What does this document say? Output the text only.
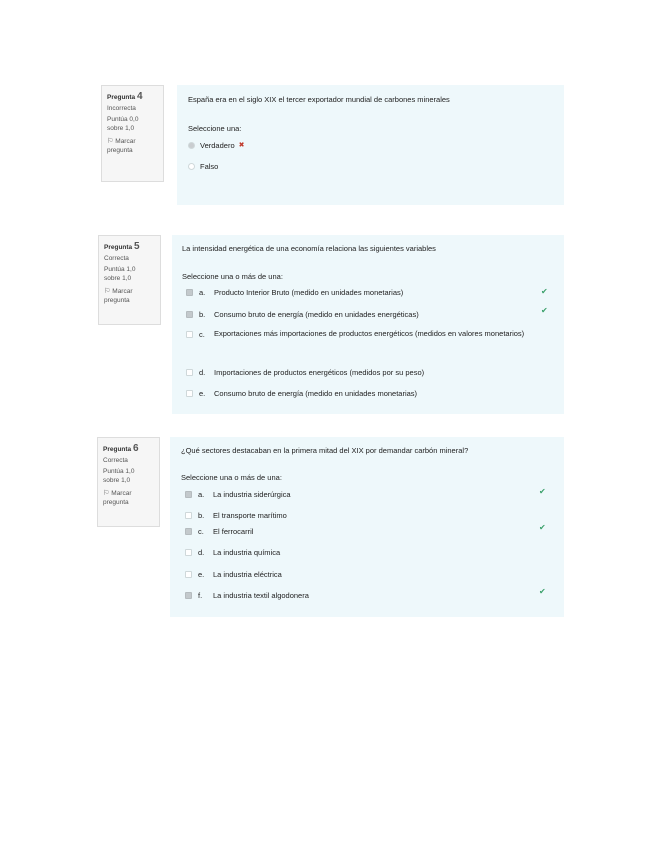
Pregunta 4
Incorrecta
Puntúa 0,0
sobre 1,0
⚐ Marcar
pregunta
España era en el siglo XIX el tercer exportador mundial de carbones minerales
Seleccione una:
Verdadero ✖
Falso
Pregunta 5
Correcta
Puntúa 1,0
sobre 1,0
⚐ Marcar
pregunta
La intensidad energética de una economía relaciona las siguientes variables
Seleccione una o más de una:
a.	Producto Interior Bruto (medido en unidades monetarias)	✔
b.	Consumo bruto de energía (medido en unidades energéticas)	✔
c.	Exportaciones más importaciones de productos energéticos (medidos en valores monetarios)
d.	Importaciones de productos energéticos (medidos por su peso)
e.	Consumo bruto de energía (medido en unidades monetarias)
Pregunta 6
Correcta
Puntúa 1,0
sobre 1,0
⚐ Marcar
pregunta
¿Qué sectores destacaban en la primera mitad del XIX por demandar carbón mineral?
Seleccione una o más de una:
a.	La industria siderúrgica	✔
b.	El transporte marítimo
c.	El ferrocarril	✔
d.	La industria química
e.	La industria eléctrica
f.	La industria textil algodonera	✔
